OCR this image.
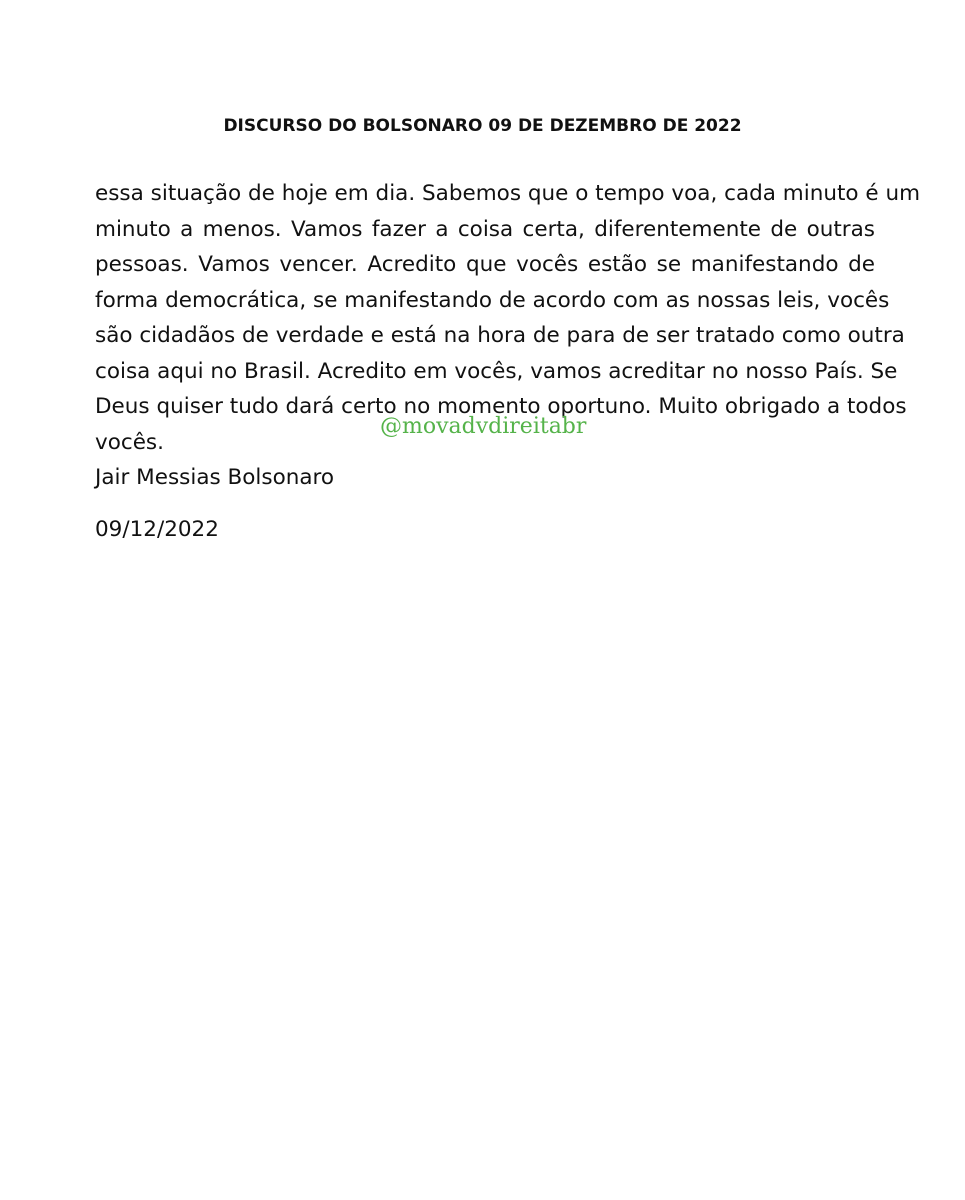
DISCURSO DO BOLSONARO 09 DE DEZEMBRO DE 2022
essa situação de hoje em dia. Sabemos que o tempo voa, cada minuto é um
minuto a menos. Vamos fazer a coisa certa, diferentemente de outras
pessoas. Vamos vencer. Acredito que vocês estão se manifestando de
forma democrática, se manifestando de acordo com as nossas leis, vocês
são cidadãos de verdade e está na hora de para de ser tratado como outra
coisa aqui no Brasil. Acredito em vocês, vamos acreditar no nosso País. Se
Deus quiser tudo dará certo no momento oportuno. Muito obrigado a todos
vocês.
@movadvdireitabr
Jair Messias Bolsonaro
09/12/2022
